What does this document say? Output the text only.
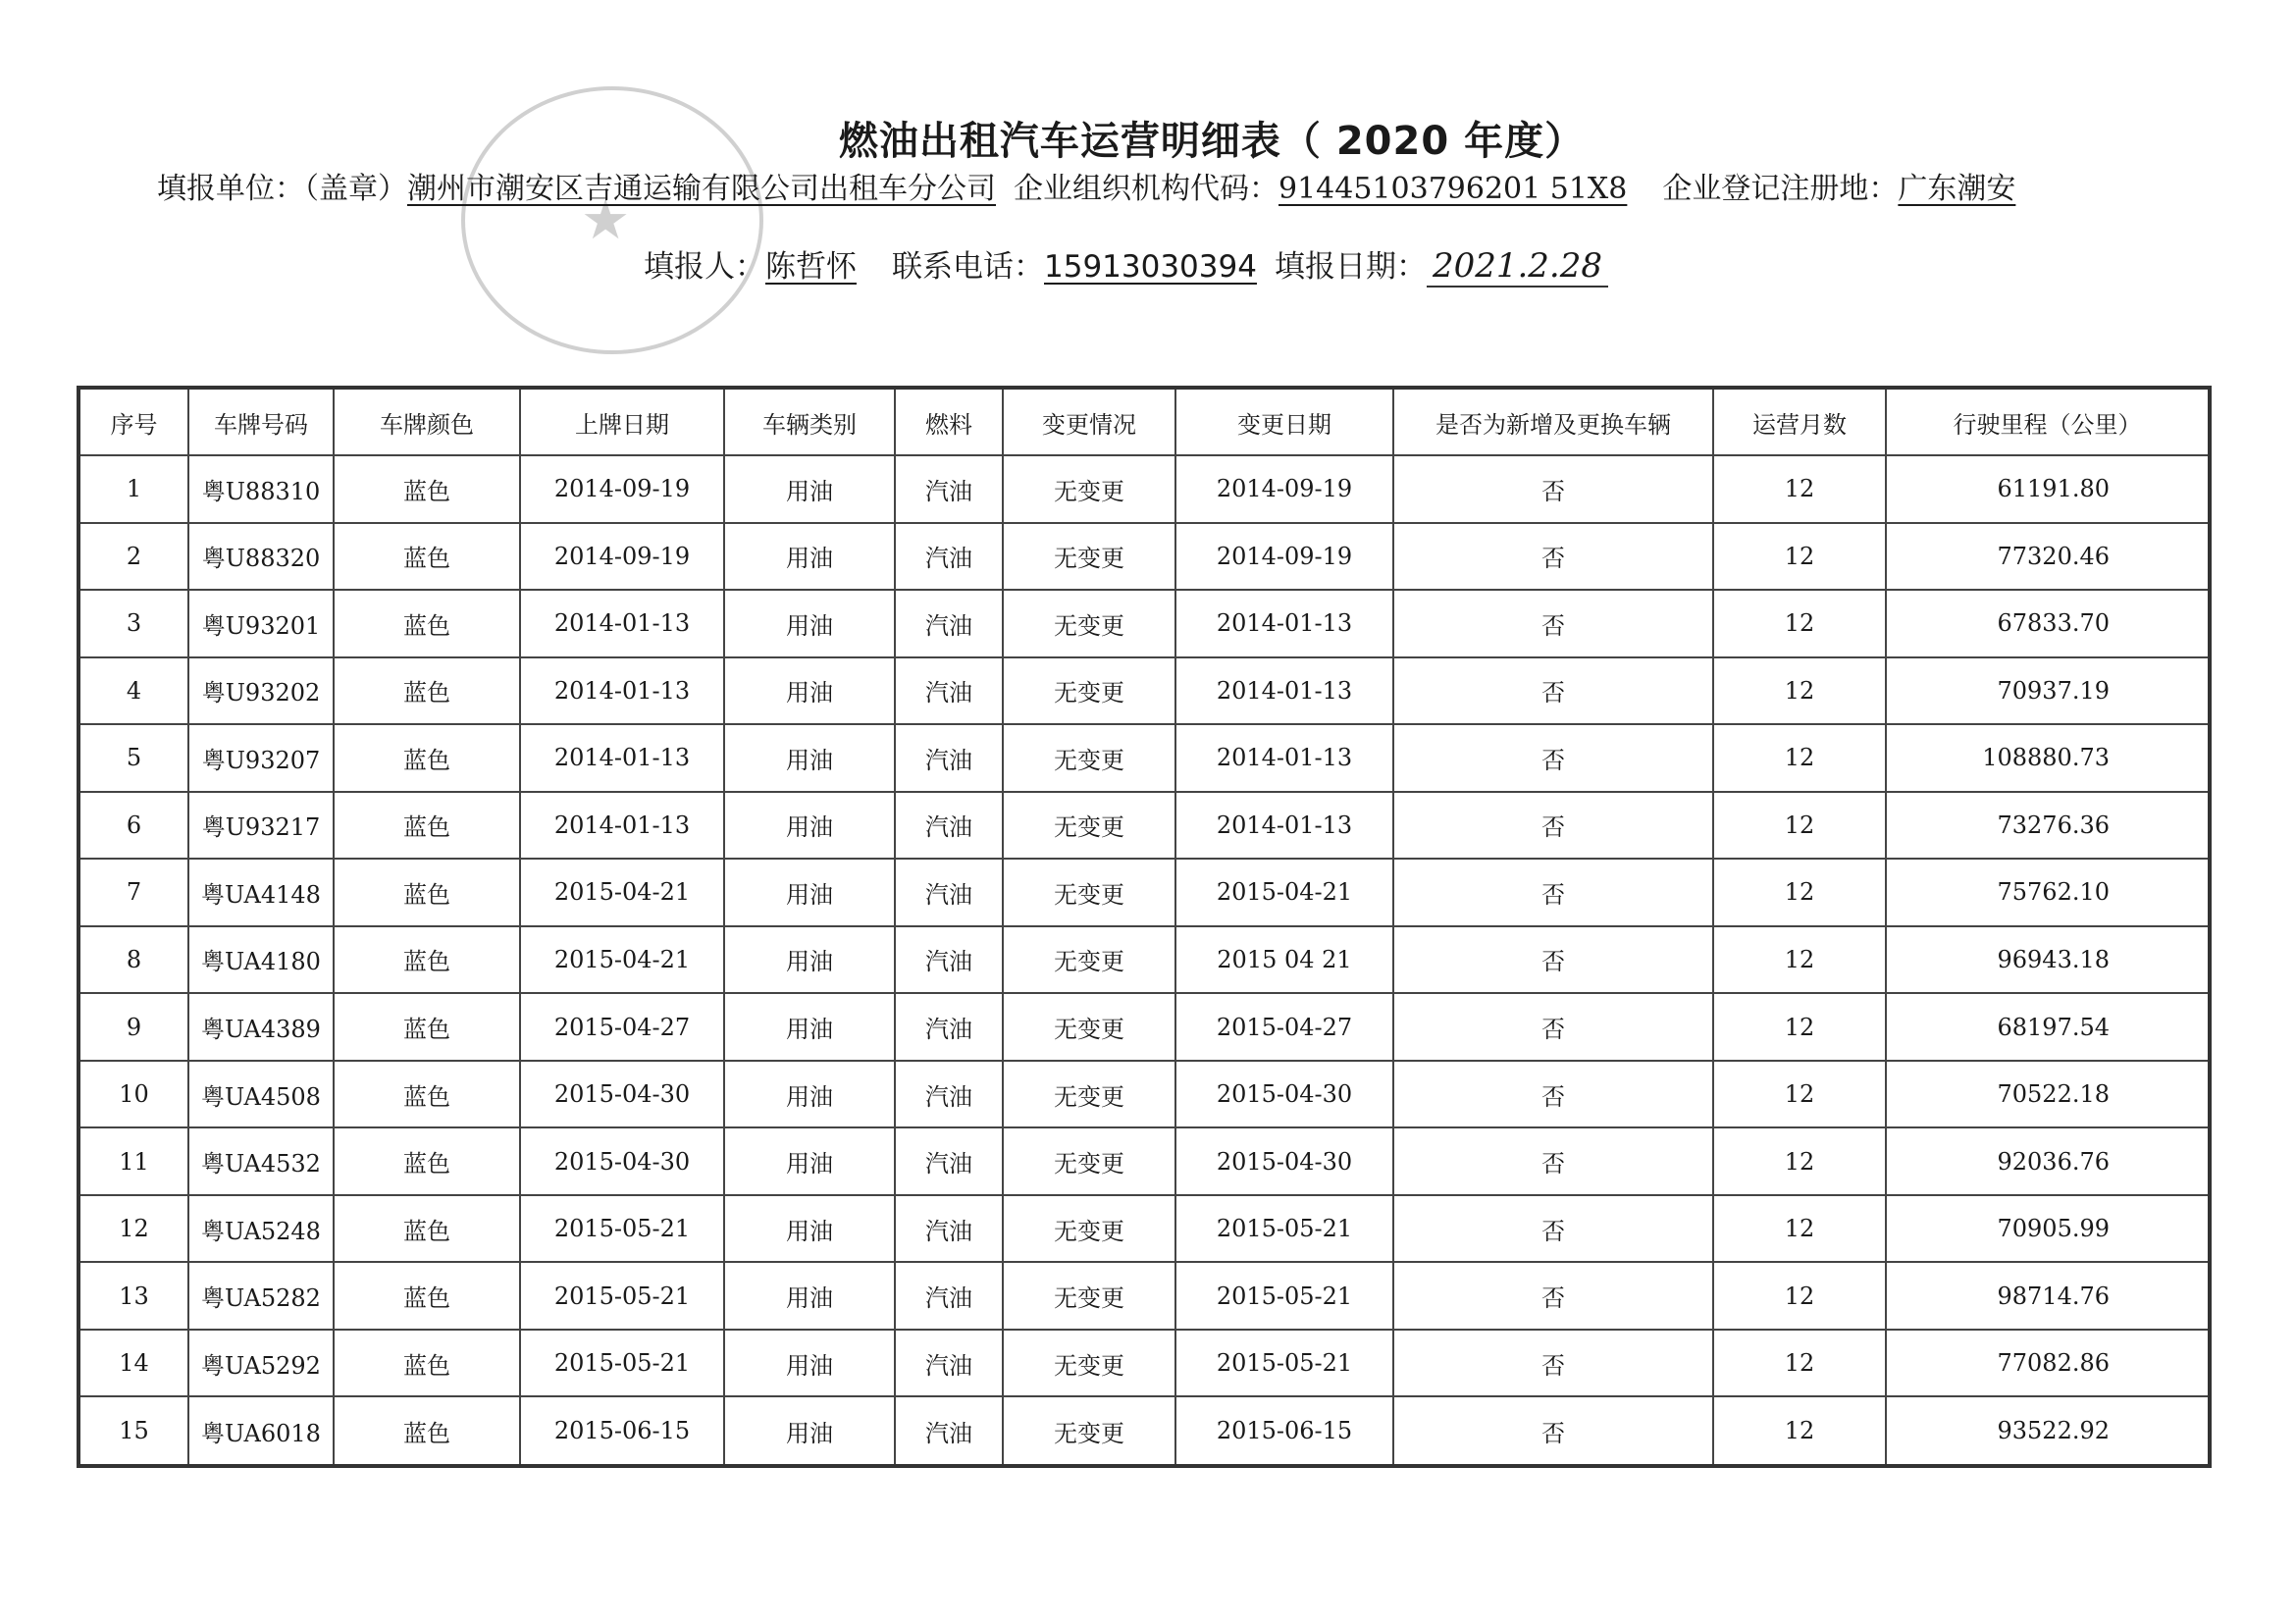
★
燃油出租汽车运营明细表（ 2020 年度）
填报单位：（盖章）潮州市潮安区吉通运输有限公司出租车分公司 企业组织机构代码：91445103796201 51X8 企业登记注册地：广东潮安
填报人：陈哲怀 联系电话：15913030394 填报日期： 2021.2.28
序号	车牌号码	车牌颜色	上牌日期	车辆类别	燃料	变更情况	变更日期	是否为新增及更换车辆	运营月数	行驶里程（公里）
1	粤U88310	蓝色	2014-09-19	用油	汽油	无变更	2014-09-19	否	12	61191.80
2	粤U88320	蓝色	2014-09-19	用油	汽油	无变更	2014-09-19	否	12	77320.46
3	粤U93201	蓝色	2014-01-13	用油	汽油	无变更	2014-01-13	否	12	67833.70
4	粤U93202	蓝色	2014-01-13	用油	汽油	无变更	2014-01-13	否	12	70937.19
5	粤U93207	蓝色	2014-01-13	用油	汽油	无变更	2014-01-13	否	12	108880.73
6	粤U93217	蓝色	2014-01-13	用油	汽油	无变更	2014-01-13	否	12	73276.36
7	粤UA4148	蓝色	2015-04-21	用油	汽油	无变更	2015-04-21	否	12	75762.10
8	粤UA4180	蓝色	2015-04-21	用油	汽油	无变更	2015 04 21	否	12	96943.18
9	粤UA4389	蓝色	2015-04-27	用油	汽油	无变更	2015-04-27	否	12	68197.54
10	粤UA4508	蓝色	2015-04-30	用油	汽油	无变更	2015-04-30	否	12	70522.18
11	粤UA4532	蓝色	2015-04-30	用油	汽油	无变更	2015-04-30	否	12	92036.76
12	粤UA5248	蓝色	2015-05-21	用油	汽油	无变更	2015-05-21	否	12	70905.99
13	粤UA5282	蓝色	2015-05-21	用油	汽油	无变更	2015-05-21	否	12	98714.76
14	粤UA5292	蓝色	2015-05-21	用油	汽油	无变更	2015-05-21	否	12	77082.86
15	粤UA6018	蓝色	2015-06-15	用油	汽油	无变更	2015-06-15	否	12	93522.92
